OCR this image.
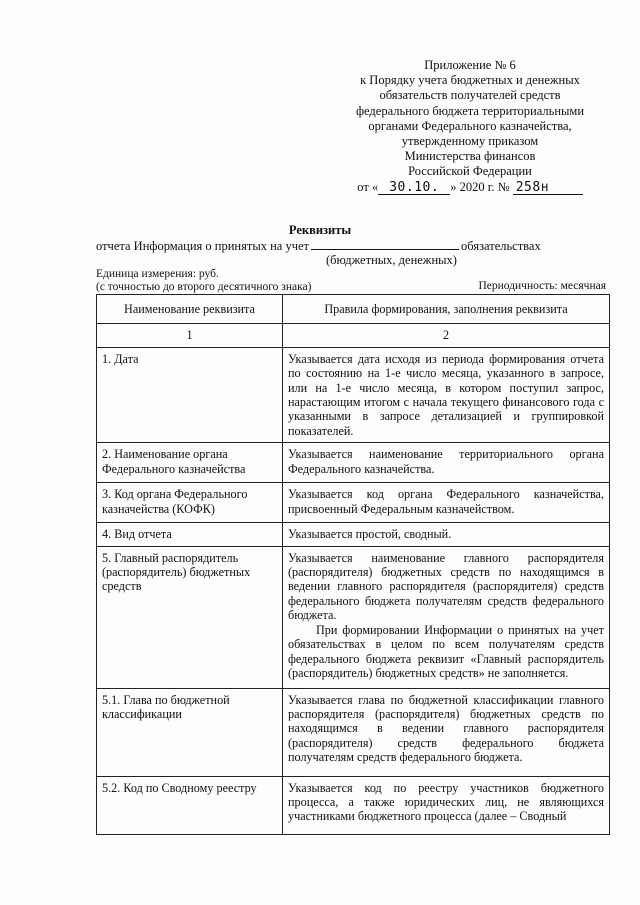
Приложение № 6
к Порядку учета бюджетных и денежных
обязательств получателей средств
федерального бюджета территориальными
органами Федерального казначейства,
утвержденному приказом
Министерства финансов
Российской Федерации
от « 30.10. » 2020 г. № 258н
Реквизиты
отчета Информация о принятых на учет	обязательствах
(бюджетных, денежных)
Единица измерения: руб.
(с точностью до второго десятичного знака)	Периодичность: месячная
Наименование реквизита	Правила формирования, заполнения реквизита
1	2
1. Дата	Указывается дата исходя из периода формирования отчета по состоянию на 1-е число месяца, указанного в запросе, или на 1-е число месяца, в котором поступил запрос, нарастающим итогом с начала текущего финансового года с указанными в запросе детализацией и группировкой показателей.

2. Наименование органа Федерального казначейства	Указывается наименование территориального органа Федерального казначейства.

3. Код органа Федерального казначейства (КОФК)	Указывается код органа Федерального казначейства, присвоенный Федеральным казначейством.

4. Вид отчета	Указывается простой, сводный.

5. Главный распорядитель (распорядитель) бюджетных средств	Указывается наименование главного распорядителя (распорядителя) бюджетных средств по находящимся в ведении главного распорядителя (распорядителя) средств федерального бюджета получателям средств федерального бюджета.

При формировании Информации о принятых на учет обязательствах в целом по всем получателям средств федерального бюджета реквизит «Главный распорядитель (распорядитель) бюджетных средств» не заполняется.

5.1. Глава по бюджетной классификации	Указывается глава по бюджетной классификации главного распорядителя (распорядителя) бюджетных средств по находящимся в ведении главного распорядителя (распорядителя) средств федерального бюджета получателям средств федерального бюджета.

5.2. Код по Сводному реестру	Указывается код по реестру участников бюджетного процесса, а также юридических лиц, не являющихся участниками бюджетного процесса (далее – Сводный
